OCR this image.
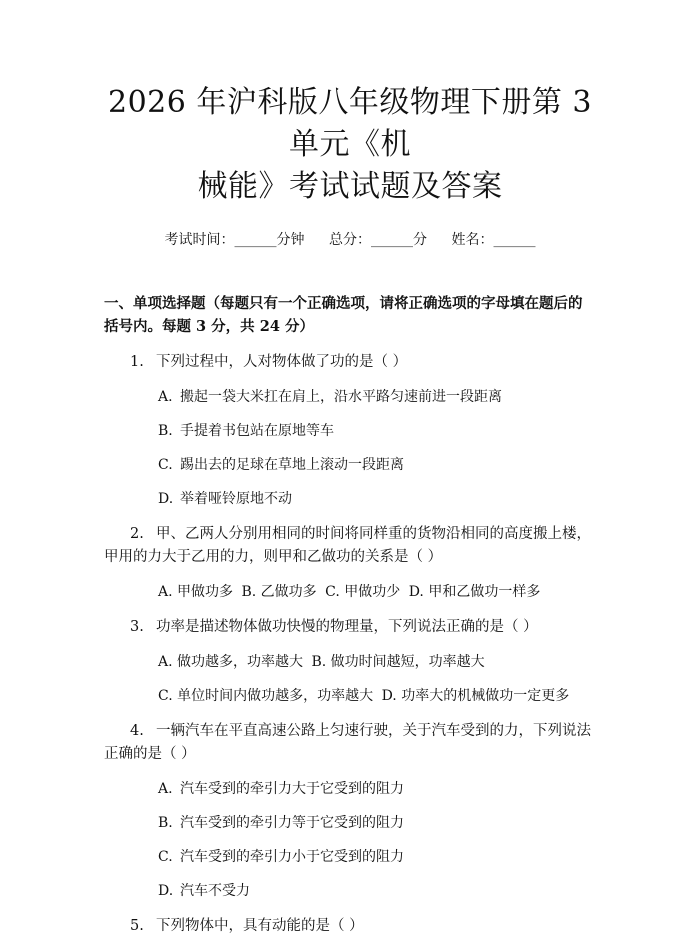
2026 年沪科版八年级物理下册第 3 单元《机
械能》考试试题及答案
考试时间：______分钟 总分：______分 姓名：______
一、单项选择题（每题只有一个正确选项，请将正确选项的字母填在题后的括号内。每题 3 分，共 24 分）
1. 下列过程中，人对物体做了功的是（ ）
A. 搬起一袋大米扛在肩上，沿水平路匀速前进一段距离
B. 手提着书包站在原地等车
C. 踢出去的足球在草地上滚动一段距离
D. 举着哑铃原地不动
2. 甲、乙两人分别用相同的时间将同样重的货物沿相同的高度搬上楼，甲用的力大于乙用的力，则甲和乙做功的关系是（ ）
A. 甲做功多 B. 乙做功多 C. 甲做功少 D. 甲和乙做功一样多
3. 功率是描述物体做功快慢的物理量，下列说法正确的是（ ）
A. 做功越多，功率越大 B. 做功时间越短，功率越大
C. 单位时间内做功越多，功率越大 D. 功率大的机械做功一定更多
4. 一辆汽车在平直高速公路上匀速行驶，关于汽车受到的力，下列说法正确的是（ ）
A. 汽车受到的牵引力大于它受到的阻力
B. 汽车受到的牵引力等于它受到的阻力
C. 汽车受到的牵引力小于它受到的阻力
D. 汽车不受力
5. 下列物体中，具有动能的是（ ）
